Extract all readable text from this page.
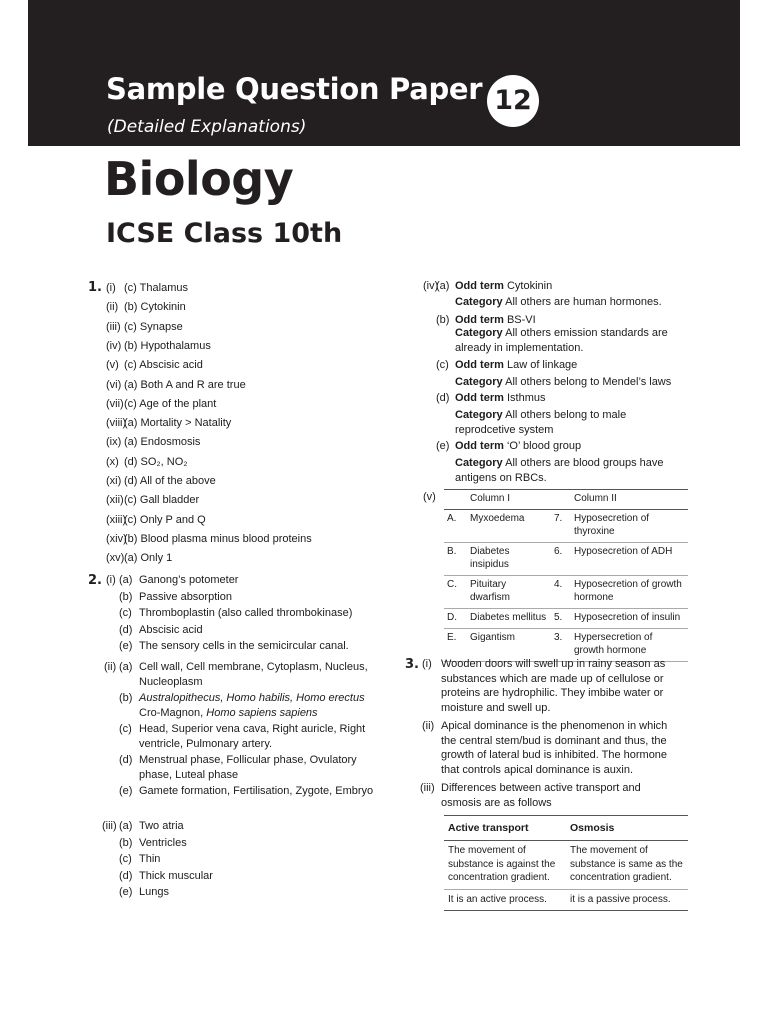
Sample Question Paper 12
(Detailed Explanations)
Biology
ICSE Class 10th
1. (i) (c) Thalamus
(ii) (b) Cytokinin
(iii) (c) Synapse
(iv) (b) Hypothalamus
(v) (c) Abscisic acid
(vi) (a) Both A and R are true
(vii) (c) Age of the plant
(viii)
(a) Mortality > Natality
(ix) (a) Endosmosis
(x) (d) SO₂, NO₂
(xi) (d) All of the above
(xii) (c) Gall bladder
(xiii)
(c) Only P and Q
(xiv)
(b) Blood plasma minus blood proteins
(xv) (a) Only 1
2. (i) (a) Ganong’s potometer
(b) Passive absorption
(c) Thromboplastin (also called thrombokinase)
(d) Abscisic acid
(e) The sensory cells in the semicircular canal.
(ii) (a) Cell wall, Cell membrane, Cytoplasm, Nucleus, Nucleoplasm
(b) Australopithecus, Homo habilis, Homo erectus
Cro-Magnon, Homo sapiens sapiens
(c) Head, Superior vena cava, Right auricle, Right ventricle, Pulmonary artery.
(d) Menstrual phase, Follicular phase, Ovulatory phase, Luteal phase
(e) Gamete formation, Fertilisation, Zygote, Embryo
(iii) (a) Two atria
(b) Ventricles
(c) Thin
(d) Thick muscular
(e) Lungs
(iv)
(a) Odd term Cytokinin
Category All others are human hormones.
(b) Odd term BS-VI
Category All others emission standards are already in implementation.
(c) Odd term Law of linkage
Category All others belong to Mendel’s laws
(d) Odd term Isthmus
Category All others belong to male reprodcetive system
(e) Odd term ‘O’ blood group
Category All others are blood groups have antigens on RBCs.
(v)
		Column I		Column II
A.	Myxoedema	7.	Hyposecretion of thyroxine
B.	Diabetes insipidus	6.	Hyposecretion of ADH
C.	Pituitary dwarfism	4.	Hyposecretion of growth hormone
D.	Diabetes mellitus	5.	Hyposecretion of insulin
E.	Gigantism	3.	Hypersecretion of growth hormone
3. (i) Wooden doors will swell up in rainy season as substances which are made up of cellulose or proteins are hydrophilic. They imbibe water or moisture and swell up.
(ii) Apical dominance is the phenomenon in which the central stem/bud is dominant and thus, the growth of lateral bud is inhibited. The hormone that controls apical dominance is auxin.
(iii) Differences between active transport and osmosis are as follows
Active transport	Osmosis
The movement of substance is against the concentration gradient.	The movement of substance is same as the concentration gradient.
It is an active process.	it is a passive process.
